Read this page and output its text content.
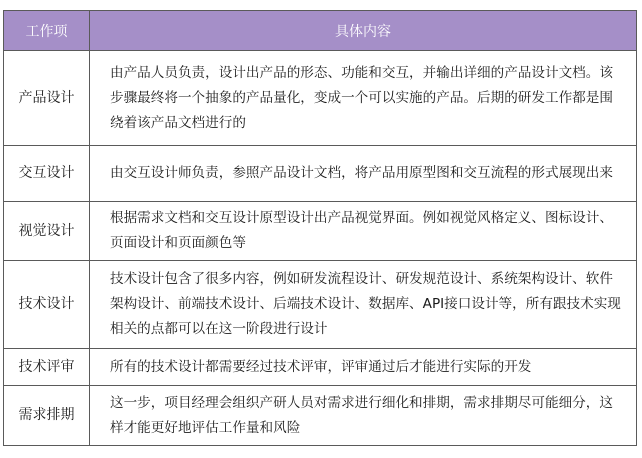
工作项	具体内容
产品设计	由产品人员负责，设计出产品的形态、功能和交互，并输出详细的产品设计文档。该步骤最终将一个抽象的产品量化，变成一个可以实施的产品。后期的研发工作都是围绕着该产品文档进行的
交互设计	由交互设计师负责，参照产品设计文档，将产品用原型图和交互流程的形式展现出来
视觉设计	根据需求文档和交互设计原型设计出产品视觉界面。例如视觉风格定义、图标设计、页面设计和页面颜色等
技术设计	技术设计包含了很多内容，例如研发流程设计、研发规范设计、系统架构设计、软件架构设计、前端技术设计、后端技术设计、数据库、API接口设计等，所有跟技术实现相关的点都可以在这一阶段进行设计
技术评审	所有的技术设计都需要经过技术评审，评审通过后才能进行实际的开发
需求排期	这一步，项目经理会组织产研人员对需求进行细化和排期，需求排期尽可能细分，这样才能更好地评估工作量和风险
